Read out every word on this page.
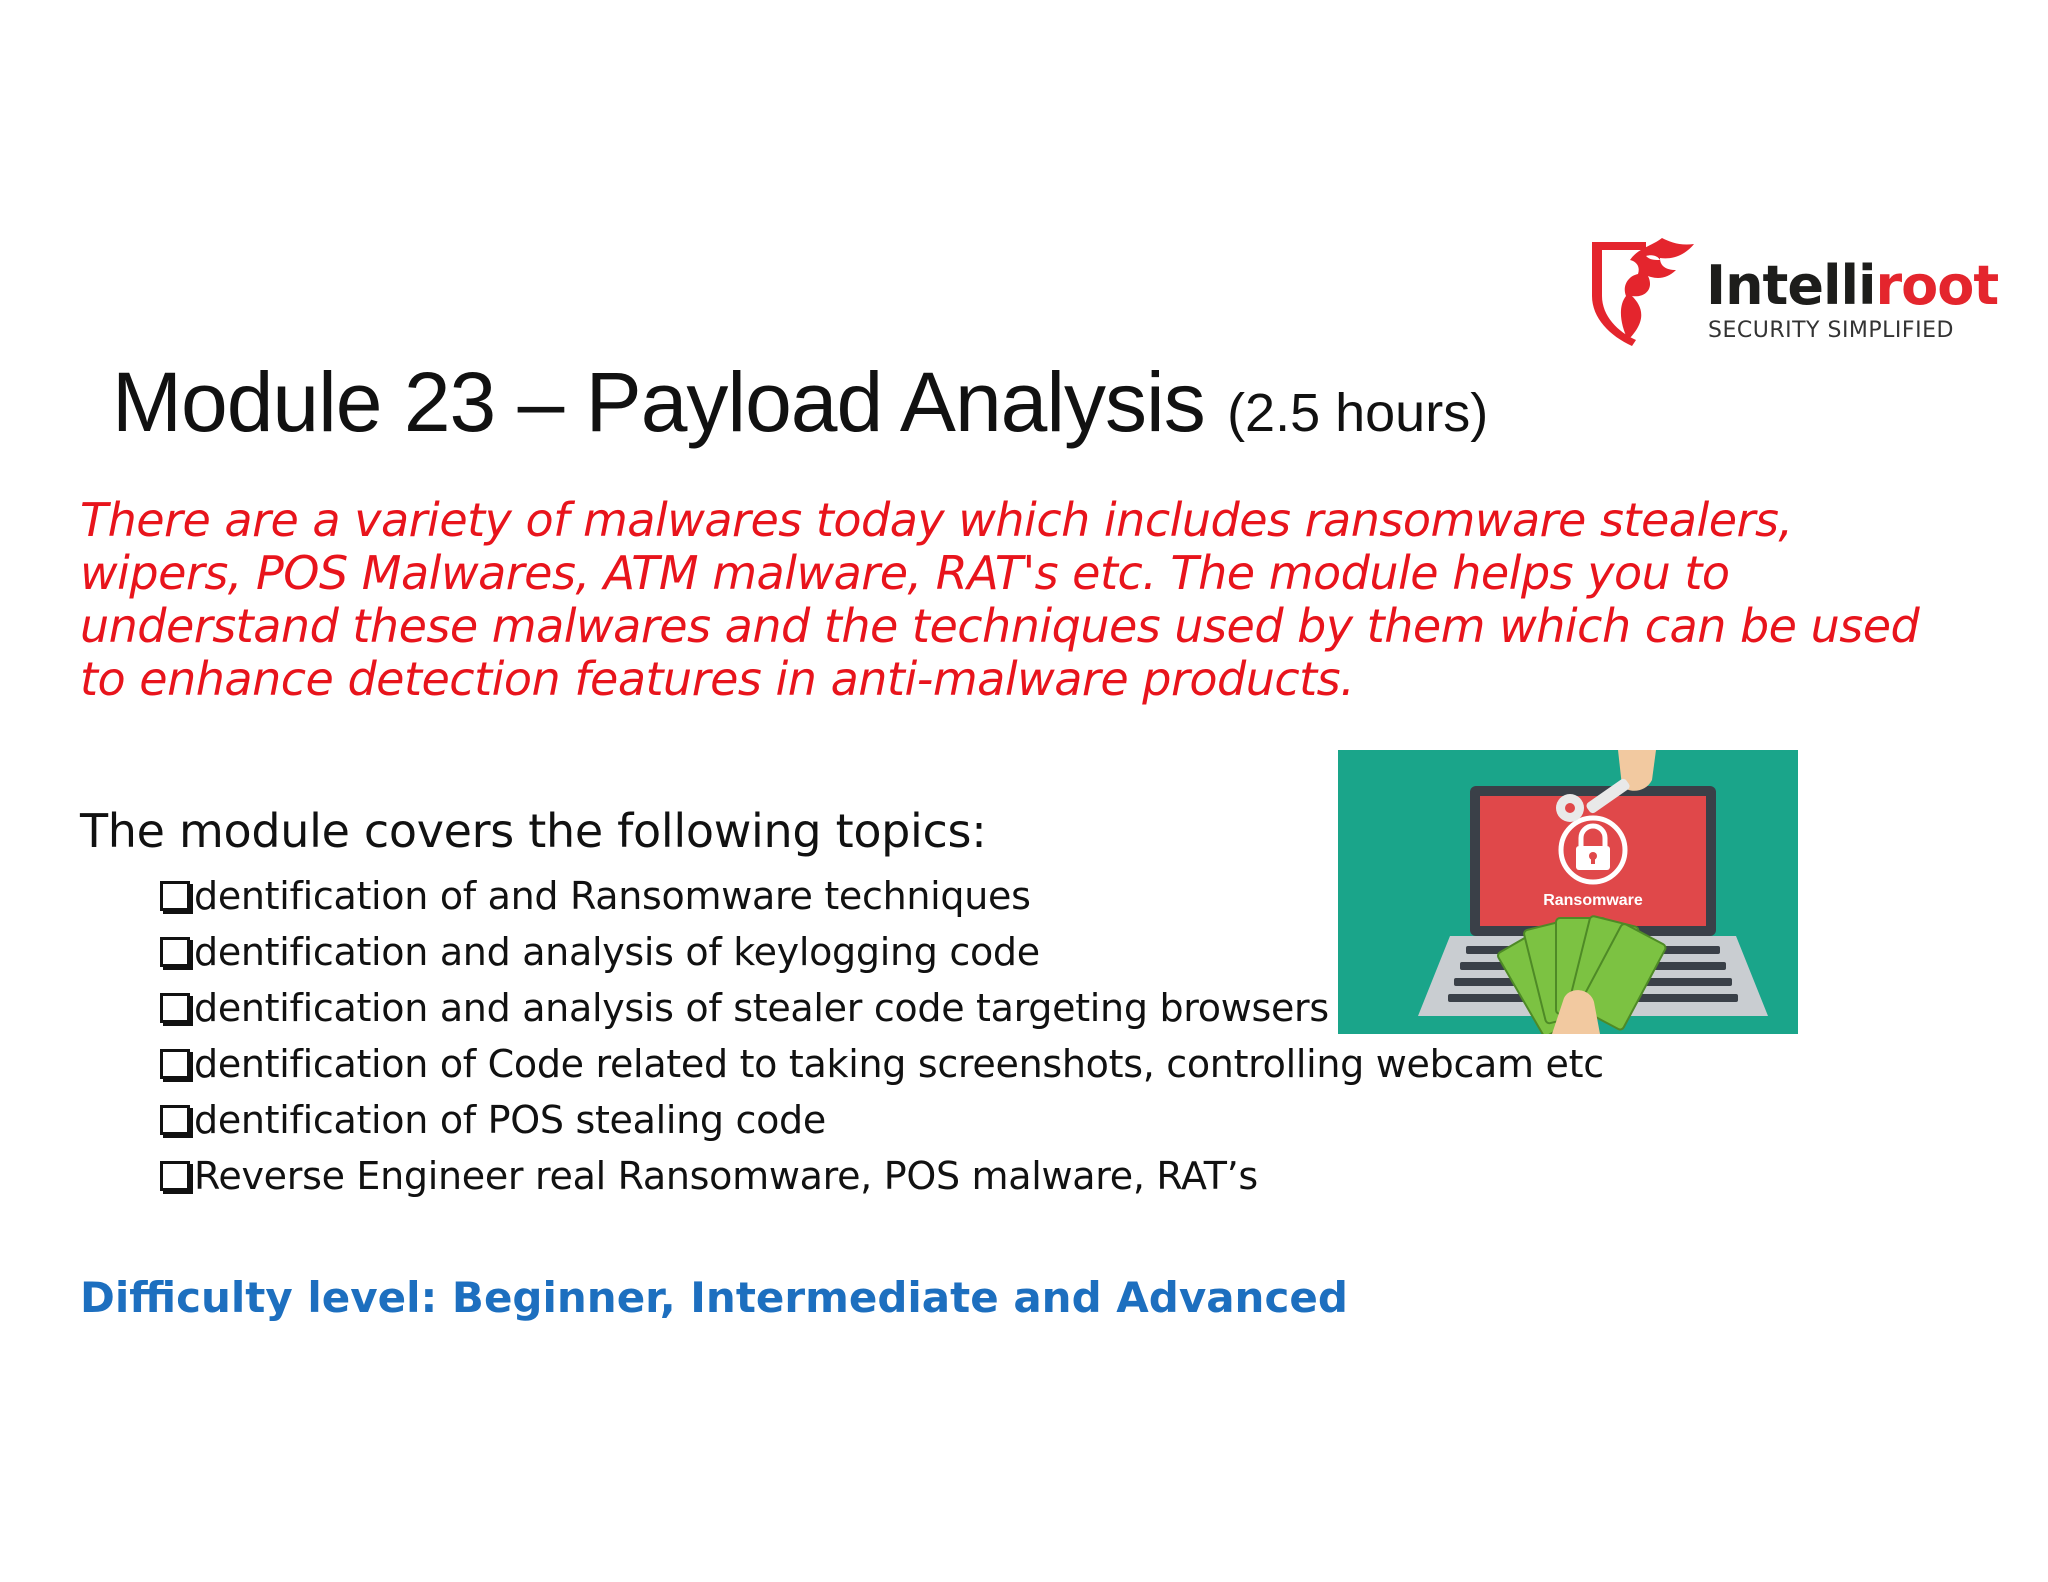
Intelliroot
SECURITY SIMPLIFIED
Module 23 – Payload Analysis (2.5 hours)

There are a variety of malwares today which includes ransomware stealers, wipers, POS Malwares, ATM malware, RAT's etc. The module helps you to understand these malwares and the techniques used by them which can be used to enhance detection features in anti-malware products.

The module covers the following topics:
dentification of and Ransomware techniques
dentification and analysis of keylogging code
dentification and analysis of stealer code targeting browsers
dentification of Code related to taking screenshots, controlling webcam etc
dentification of POS stealing code
Reverse Engineer real Ransomware, POS malware, RAT’s
Ransomware
Difficulty level: Beginner, Intermediate and Advanced
